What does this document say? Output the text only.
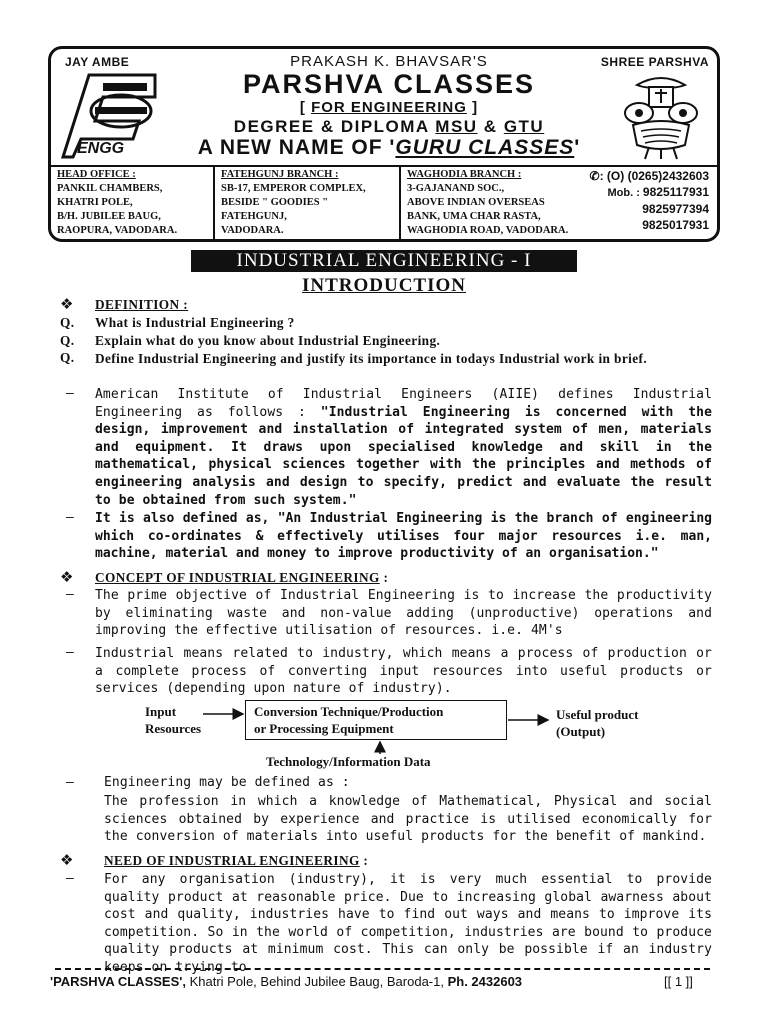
JAY AMBE	SHREE PARSHVA
ENGG
PRAKASH K. BHAVSAR'S
PARSHVA CLASSES
[ FOR ENGINEERING ]
DEGREE & DIPLOMA MSU & GTU
A NEW NAME OF 'GURU CLASSES'
HEAD OFFICE :
PANKIL CHAMBERS,
KHATRI POLE,
B/H. JUBILEE BAUG,
RAOPURA, VADODARA.
FATEHGUNJ BRANCH :
SB-17, EMPEROR COMPLEX,
BESIDE " GOODIES "
FATEHGUNJ,
VADODARA.
WAGHODIA BRANCH :
3-GAJANAND SOC.,
ABOVE INDIAN OVERSEAS
BANK, UMA CHAR RASTA,
WAGHODIA ROAD, VADODARA.
✆: (O) (0265)2432603
Mob. : 9825117931
9825977394
9825017931
INDUSTRIAL ENGINEERING - I
INTRODUCTION
❖ DEFINITION :
Q. What is Industrial Engineering ?
Q. Explain what do you know about Industrial Engineering.
Q. Define Industrial Engineering and justify its importance in todays Industrial work in brief.
– American Institute of Industrial Engineers (AIIE) defines Industrial Engineering as follows : "Industrial Engineering is concerned with the design, improvement and installation of integrated system of men, materials and equipment. It draws upon specialised knowledge and skill in the mathematical, physical sciences together with the principles and methods of engineering analysis and design to specify, predict and evaluate the result to be obtained from such system."
– It is also defined as, "An Industrial Engineering is the branch of engineering which co-ordinates & effectively utilises four major resources i.e. man, machine, material and money to improve productivity of an organisation."
❖ CONCEPT OF INDUSTRIAL ENGINEERING :
– The prime objective of Industrial Engineering is to increase the productivity by eliminating waste and non-value adding (unproductive) operations and improving the effective utilisation of resources. i.e. 4M's
– Industrial means related to industry, which means a process of production or a complete process of converting input resources into useful products or services (depending upon nature of industry).
Input
Resources
Conversion Technique/Production
or Processing Equipment
Useful product
(Output)
Technology/Information Data
– Engineering may be defined as :
The profession in which a knowledge of Mathematical, Physical and social sciences obtained by experience and practice is utilised economically for the conversion of materials into useful products for the benefit of mankind.
❖ NEED OF INDUSTRIAL ENGINEERING :
– For any organisation (industry), it is very much essential to provide quality product at reasonable price. Due to increasing global awarness about cost and quality, industries have to find out ways and means to improve its competition. So in the world of competition, industries are bound to produce quality products at minimum cost. This can only be possible if an industry keeps on trying to
'PARSHVA CLASSES', Khatri Pole, Behind Jubilee Baug, Baroda-1, Ph. 2432603	[[ 1 ]]
